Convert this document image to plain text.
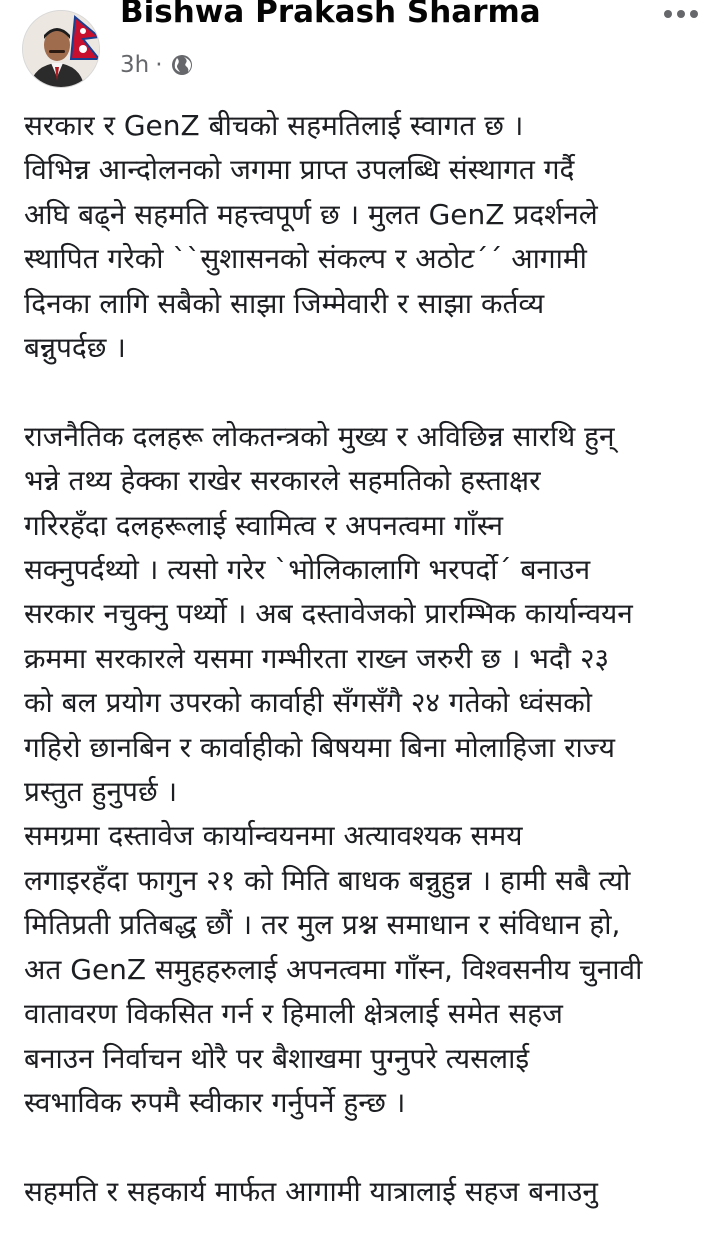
Bishwa Prakash Sharma
3h ·

सरकार र GenZ बीचको सहमतिलाई स्वागत छ ।
विभिन्न आन्दोलनको जगमा प्राप्त उपलब्धि संस्थागत गर्दै
अघि बढ्ने सहमति महत्त्वपूर्ण छ । मुलत GenZ प्रदर्शनले
स्थापित गरेको ``सुशासनको संकल्प र अठोट´´ आगामी
दिनका लागि सबैको साझा जिम्मेवारी र साझा कर्तव्य
बन्नुपर्दछ ।

राजनैतिक दलहरू लोकतन्त्रको मुख्य र अविछिन्न सारथि हुन्
भन्ने तथ्य हेक्का राखेर सरकारले सहमतिको हस्ताक्षर
गरिरहँदा दलहरूलाई स्वामित्व र अपनत्वमा गाँस्न
सक्नुपर्दथ्यो । त्यसो गरेर `भोलिकालागि भरपर्दो´ बनाउन
सरकार नचुक्नु पर्थ्यो । अब दस्तावेजको प्रारम्भिक कार्यान्वयन
क्रममा सरकारले यसमा गम्भीरता राख्न जरुरी छ । भदौ २३
को बल प्रयोग उपरको कार्वाही सँगसँगै २४ गतेको ध्वंसको
गहिरो छानबिन र कार्वाहीको बिषयमा बिना मोलाहिजा राज्य
प्रस्तुत हुनुपर्छ ।
समग्रमा दस्तावेज कार्यान्वयनमा अत्यावश्यक समय
लगाइरहँदा फागुन २१ को मिति बाधक बन्नुहुन्न । हामी सबै त्यो
मितिप्रती प्रतिबद्ध छौं । तर मुल प्रश्न समाधान र संविधान हो,
अत GenZ समुहहरुलाई अपनत्वमा गाँस्न, विश्वसनीय चुनावी
वातावरण विकसित गर्न र हिमाली क्षेत्रलाई समेत सहज
बनाउन निर्वाचन थोरै पर बैशाखमा पुग्नुपरे त्यसलाई
स्वभाविक रुपमै स्वीकार गर्नुपर्ने हुन्छ ।

सहमति र सहकार्य मार्फत आगामी यात्रालाई सहज बनाउनु
